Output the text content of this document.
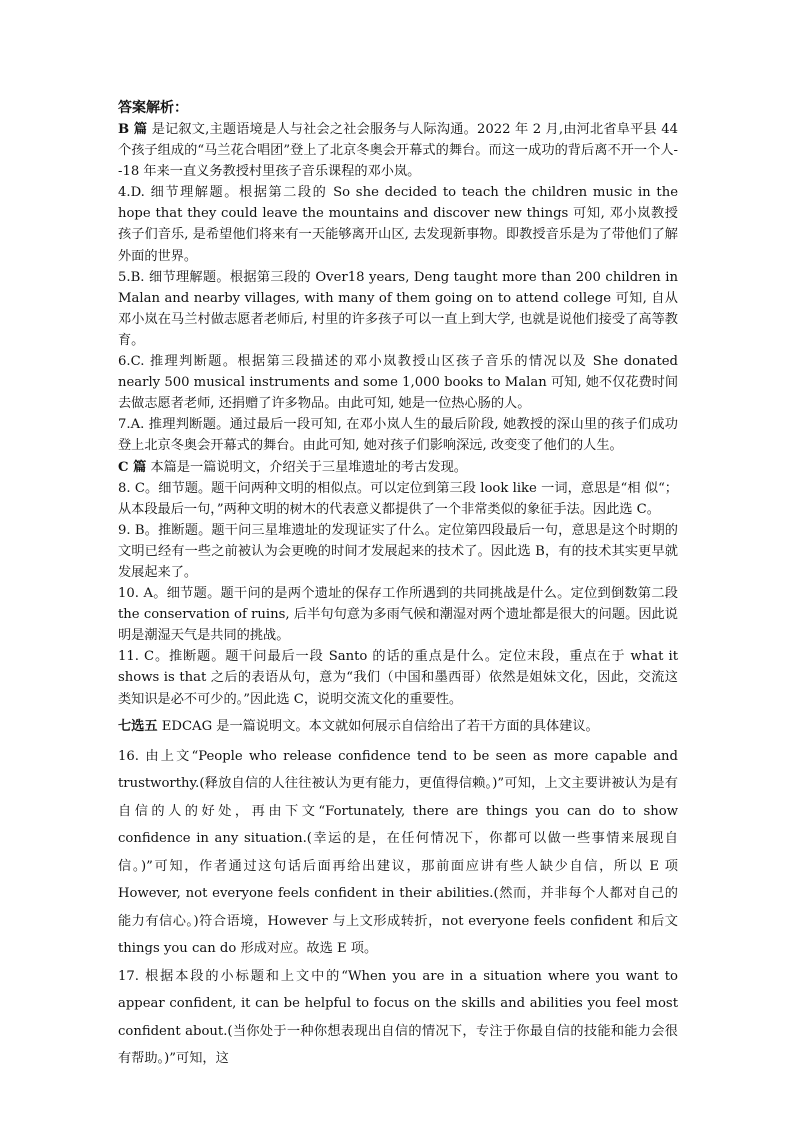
答案解析：

B 篇 是记叙文,主题语境是人与社会之社会服务与人际沟通。2022 年 2 月,由河北省阜平县 44 个孩子组成的“马兰花合唱团”登上了北京冬奥会开幕式的舞台。而这一成功的背后离不开一个人--18 年来一直义务教授村里孩子音乐课程的邓小岚。

4.D. 细节理解题。根据第二段的 So she decided to teach the children music in the hope that they could leave the mountains and discover new things 可知, 邓小岚教授孩子们音乐, 是希望他们将来有一天能够离开山区, 去发现新事物。即教授音乐是为了带他们了解外面的世界。

5.B. 细节理解题。根据第三段的 Over18 years, Deng taught more than 200 children in Malan and nearby villages, with many of them going on to attend college 可知, 自从邓小岚在马兰村做志愿者老师后, 村里的许多孩子可以一直上到大学, 也就是说他们接受了高等教育。

6.C. 推理判断题。根据第三段描述的邓小岚教授山区孩子音乐的情况以及 She donated nearly 500 musical instruments and some 1,000 books to Malan 可知, 她不仅花费时间去做志愿者老师, 还捐赠了许多物品。由此可知, 她是一位热心肠的人。

7.A. 推理判断题。通过最后一段可知, 在邓小岚人生的最后阶段, 她教授的深山里的孩子们成功登上北京冬奥会开幕式的舞台。由此可知, 她对孩子们影响深远, 改变变了他们的人生。

C 篇 本篇是一篇说明文，介绍关于三星堆遗址的考古发现。

8. C。细节题。题干问两种文明的相似点。可以定位到第三段 look like 一词，意思是“相 似“；从本段最后一句，”两种文明的树木的代表意义都提供了一个非常类似的象征手法。因此选 C。

9. B。推断题。题干问三星堆遗址的发现证实了什么。定位第四段最后一句，意思是这个时期的文明已经有一些之前被认为会更晚的时间才发展起来的技术了。因此选 B，有的技术其实更早就发展起来了。

10. A。细节题。题干问的是两个遗址的保存工作所遇到的共同挑战是什么。定位到倒数第二段 the conservation of ruins, 后半句句意为多雨气候和潮湿对两个遗址都是很大的问题。因此说明是潮湿天气是共同的挑战。

11. C。推断题。题干问最后一段 Santo 的话的重点是什么。定位末段，重点在于 what it shows is that 之后的表语从句，意为“我们（中国和墨西哥）依然是姐妹文化，因此，交流这类知识是必不可少的。”因此选 C，说明交流文化的重要性。

七选五 EDCAG 是一篇说明文。本文就如何展示自信给出了若干方面的具体建议。

16. 由上文“People who release confidence tend to be seen as more capable and trustworthy.(释放自信的人往往被认为更有能力，更值得信赖。)”可知，上文主要讲被认为是有自信的人的好处，再由下文“Fortunately, there are things you can do to show confidence in any situation.(幸运的是，在任何情况下，你都可以做一些事情来展现自信。)”可知，作者通过这句话后面再给出建议，那前面应讲有些人缺少自信，所以 E 项 However, not everyone feels confident in their abilities.(然而，并非每个人都对自己的能力有信心。)符合语境，However 与上文形成转折，not everyone feels confident 和后文 things you can do 形成对应。故选 E 项。

17. 根据本段的小标题和上文中的“When you are in a situation where you want to appear confident, it can be helpful to focus on the skills and abilities you feel most confident about.(当你处于一种你想表现出自信的情况下，专注于你最自信的技能和能力会很有帮助。)”可知，这
